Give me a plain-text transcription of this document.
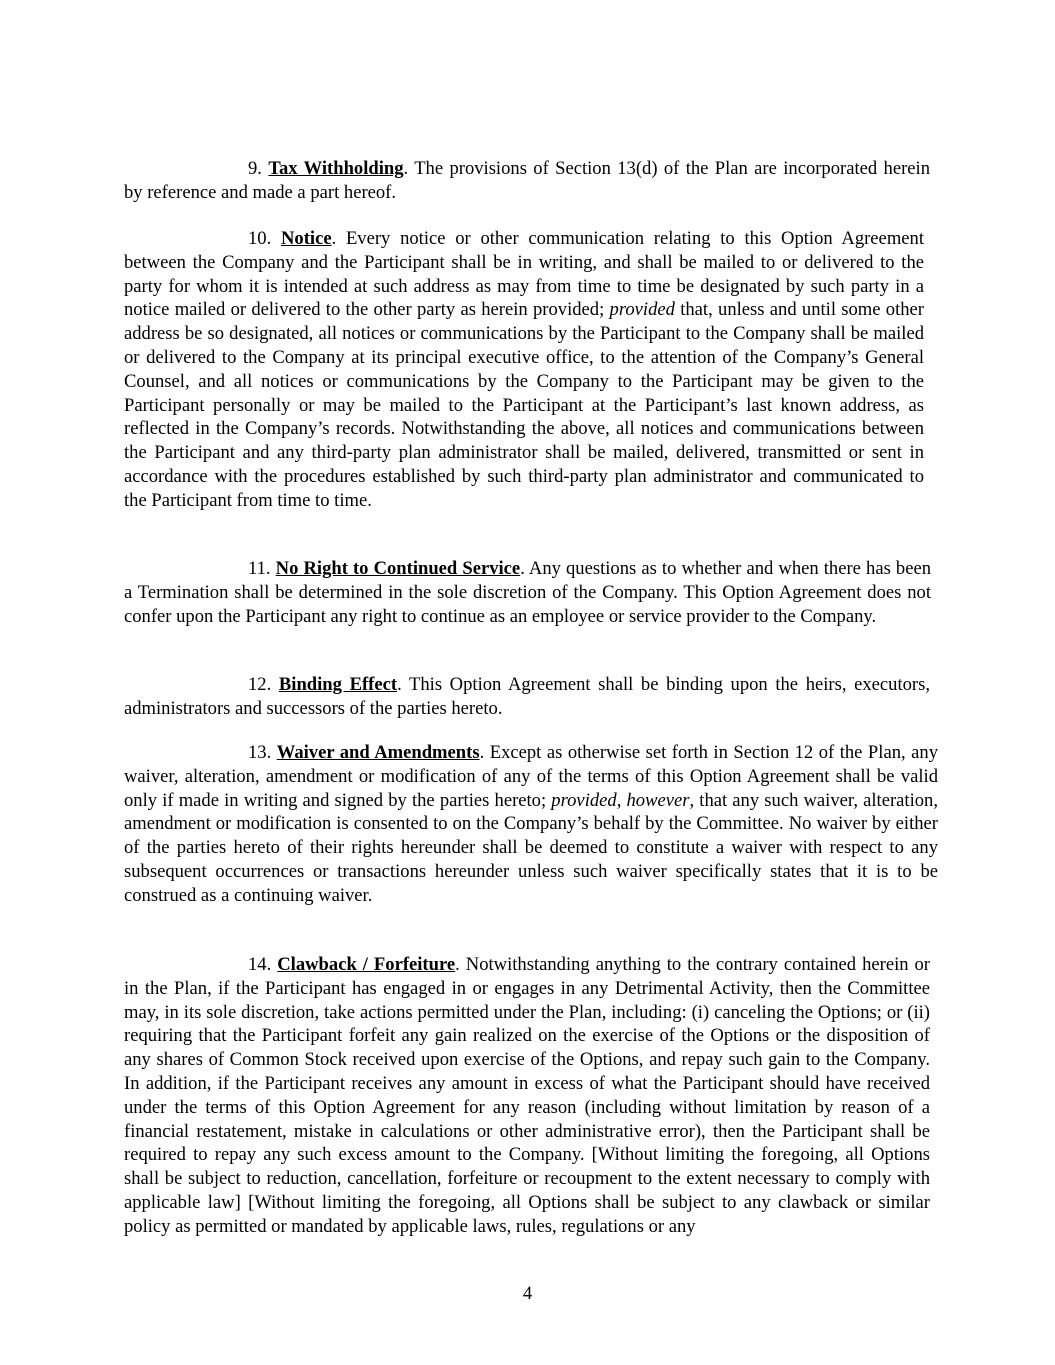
9. Tax Withholding. The provisions of Section 13(d) of the Plan are incorporated herein by reference and made a part hereof.

10. Notice. Every notice or other communication relating to this Option Agreement between the Company and the Participant shall be in writing, and shall be mailed to or delivered to the party for whom it is intended at such address as may from time to time be designated by such party in a notice mailed or delivered to the other party as herein provided; provided that, unless and until some other address be so designated, all notices or communications by the Participant to the Company shall be mailed or delivered to the Company at its principal executive office, to the attention of the Company’s General Counsel, and all notices or communications by the Company to the Participant may be given to the Participant personally or may be mailed to the Participant at the Participant’s last known address, as reflected in the Company’s records. Notwithstanding the above, all notices and communications between the Participant and any third-party plan administrator shall be mailed, delivered, transmitted or sent in accordance with the procedures established by such third-party plan administrator and communicated to the Participant from time to time.

11. No Right to Continued Service. Any questions as to whether and when there has been a Termination shall be determined in the sole discretion of the Company. This Option Agreement does not confer upon the Participant any right to continue as an employee or service provider to the Company.

12. Binding Effect. This Option Agreement shall be binding upon the heirs, executors, administrators and successors of the parties hereto.

13. Waiver and Amendments. Except as otherwise set forth in Section 12 of the Plan, any waiver, alteration, amendment or modification of any of the terms of this Option Agreement shall be valid only if made in writing and signed by the parties hereto; provided, however, that any such waiver, alteration, amendment or modification is consented to on the Company’s behalf by the Committee. No waiver by either of the parties hereto of their rights hereunder shall be deemed to constitute a waiver with respect to any subsequent occurrences or transactions hereunder unless such waiver specifically states that it is to be construed as a continuing waiver.

14. Clawback / Forfeiture. Notwithstanding anything to the contrary contained herein or in the Plan, if the Participant has engaged in or engages in any Detrimental Activity, then the Committee may, in its sole discretion, take actions permitted under the Plan, including: (i) canceling the Options; or (ii) requiring that the Participant forfeit any gain realized on the exercise of the Options or the disposition of any shares of Common Stock received upon exercise of the Options, and repay such gain to the Company. In addition, if the Participant receives any amount in excess of what the Participant should have received under the terms of this Option Agreement for any reason (including without limitation by reason of a financial restatement, mistake in calculations or other administrative error), then the Participant shall be required to repay any such excess amount to the Company. [Without limiting the foregoing, all Options shall be subject to reduction, cancellation, forfeiture or recoupment to the extent necessary to comply with applicable law] [Without limiting the foregoing, all Options shall be subject to any clawback or similar policy as permitted or mandated by applicable laws, rules, regulations or any

4
